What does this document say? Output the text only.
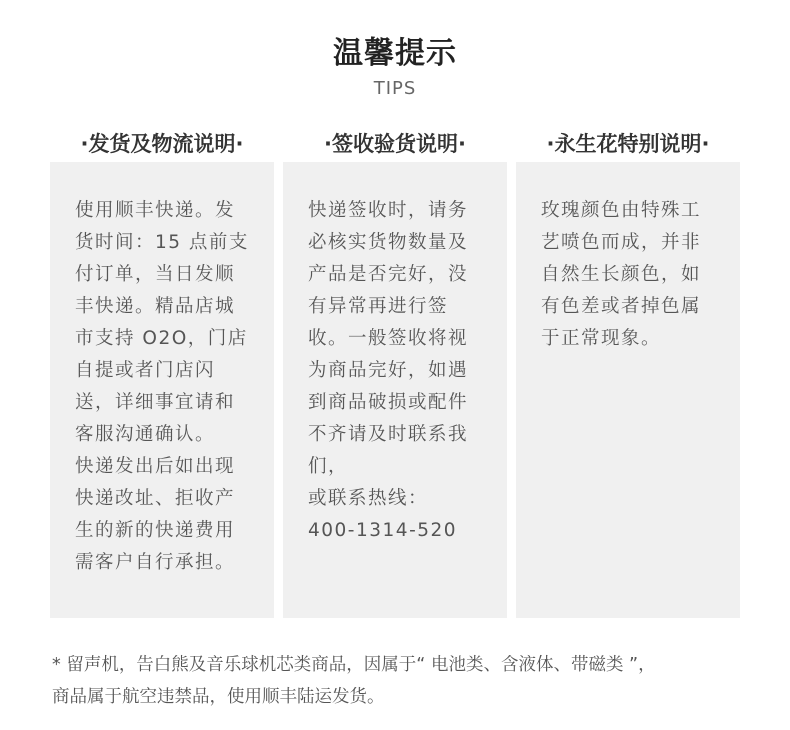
温馨提示
TIPS
·发货及物流说明·

使用顺丰快递。发货时间：15 点前支付订单，当日发顺丰快递。精品店城市支持 O2O，门店自提或者门店闪送，详细事宜请和客服沟通确认。

快递发出后如出现快递改址、拒收产生的新的快递费用需客户自行承担。

·签收验货说明·

快递签收时，请务必核实货物数量及产品是否完好，没有异常再进行签收。一般签收将视为商品完好，如遇到商品破损或配件不齐请及时联系我们，

或联系热线：

400-1314-520

·永生花特别说明·

玫瑰颜色由特殊工艺喷色而成，并非自然生长颜色，如有色差或者掉色属于正常现象。

* 留声机，告白熊及音乐球机芯类商品，因属于“ 电池类、含液体、带磁类 ”，

商品属于航空违禁品，使用顺丰陆运发货。
